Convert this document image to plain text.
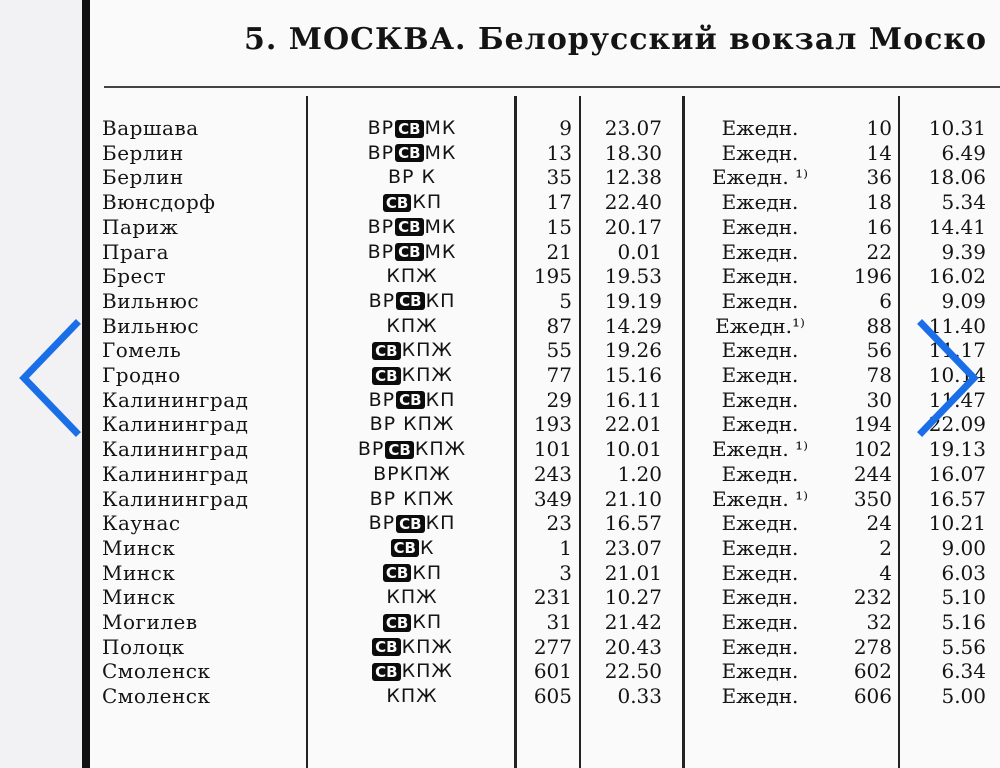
5. МОСКВА. Белорусский вокзал Моско
Варшава	ВР СВ МК	9	23.07	Ежедн.	10	10.31
Берлин	ВР СВ МК	13	18.30	Ежедн.	14	6.49
Берлин	ВР К	35	12.38	Ежедн. ¹⁾	36	18.06
Вюнсдорф	СВ КП	17	22.40	Ежедн.	18	5.34
Париж	ВР СВ МК	15	20.17	Ежедн.	16	14.41
Прага	ВР СВ МК	21	0.01	Ежедн.	22	9.39
Брест	КПЖ	195	19.53	Ежедн.	196	16.02
Вильнюс	ВР СВ КП	5	19.19	Ежедн.	6	9.09
Вильнюс	КПЖ	87	14.29	Ежедн.¹⁾	88	11.40
Гомель	СВ КПЖ	55	19.26	Ежедн.	56	11.17
Гродно	СВ КПЖ	77	15.16	Ежедн.	78	10.14
Калининград	ВР СВ КП	29	16.11	Ежедн.	30	11.47
Калининград	ВР КПЖ	193	22.01	Ежедн.	194	22.09
Калининград	ВР СВ КПЖ	101	10.01	Ежедн. ¹⁾	102	19.13
Калининград	ВРКПЖ	243	1.20	Ежедн.	244	16.07
Калининград	ВР КПЖ	349	21.10	Ежедн. ¹⁾	350	16.57
Каунас	ВР СВ КП	23	16.57	Ежедн.	24	10.21
Минск	СВ К	1	23.07	Ежедн.	2	9.00
Минск	СВ КП	3	21.01	Ежедн.	4	6.03
Минск	КПЖ	231	10.27	Ежедн.	232	5.10
Могилев	СВ КП	31	21.42	Ежедн.	32	5.16
Полоцк	СВ КПЖ	277	20.43	Ежедн.	278	5.56
Смоленск	СВ КПЖ	601	22.50	Ежедн.	602	6.34
Смоленск	КПЖ	605	0.33	Ежедн.	606	5.00
